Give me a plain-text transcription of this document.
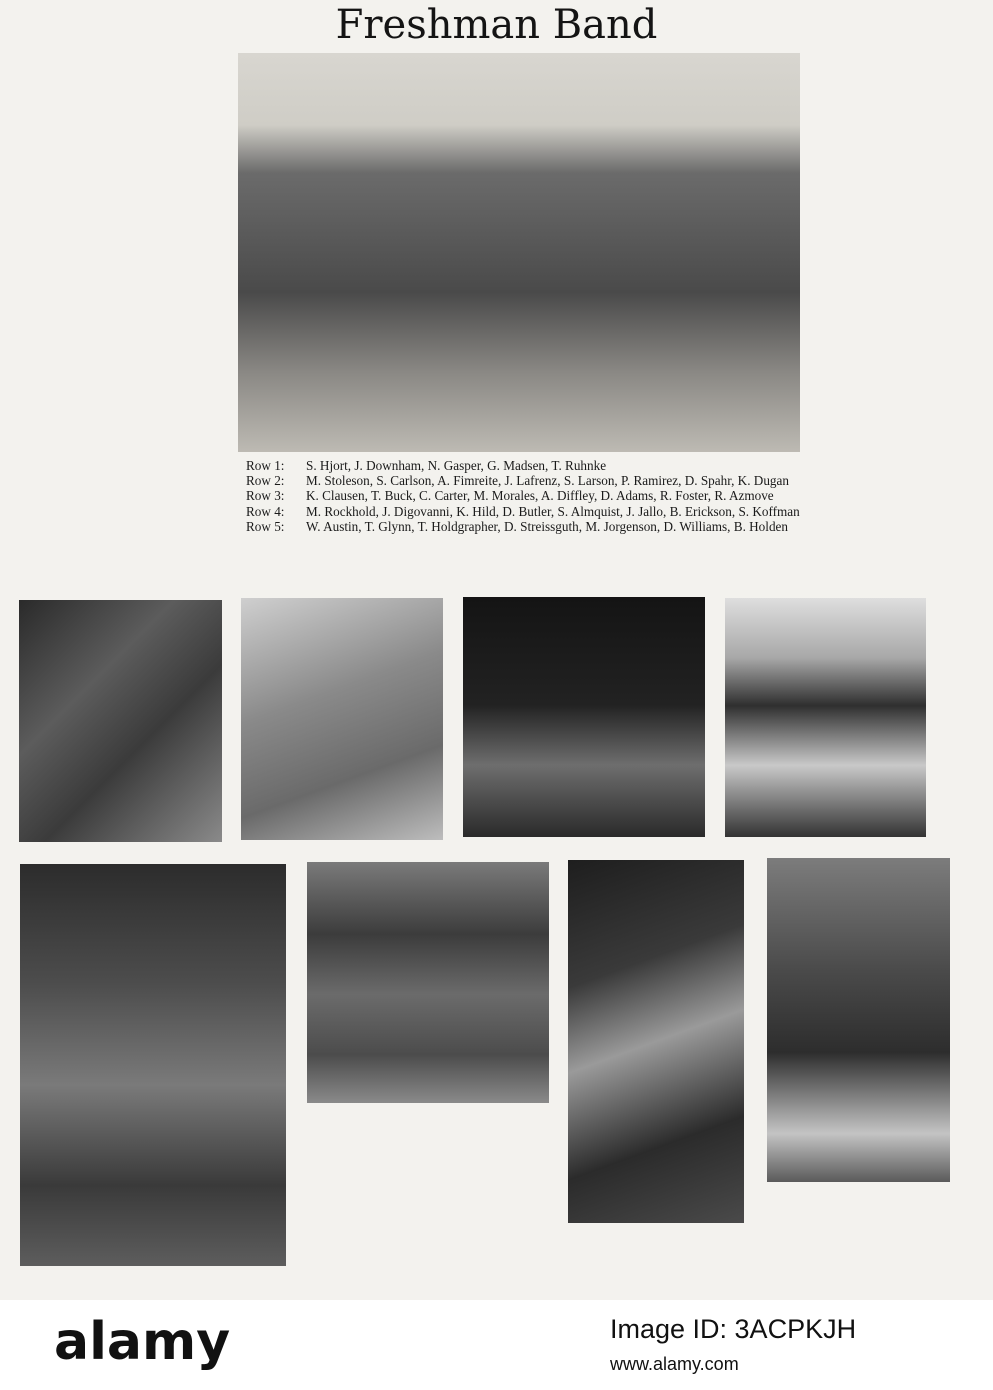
Freshman Band
Row 1:	S. Hjort, J. Downham, N. Gasper, G. Madsen, T. Ruhnke
Row 2:	M. Stoleson, S. Carlson, A. Fimreite, J. Lafrenz, S. Larson, P. Ramirez, D. Spahr, K. Dugan
Row 3:	K. Clausen, T. Buck, C. Carter, M. Morales, A. Diffley, D. Adams, R. Foster, R. Azmove
Row 4:	M. Rockhold, J. Digovanni, K. Hild, D. Butler, S. Almquist, J. Jallo, B. Erickson, S. Koffman
Row 5:	W. Austin, T. Glynn, T. Holdgrapher, D. Streissguth, M. Jorgenson, D. Williams, B. Holden
alamy	Image ID: 3ACPKJH
www.alamy.com
